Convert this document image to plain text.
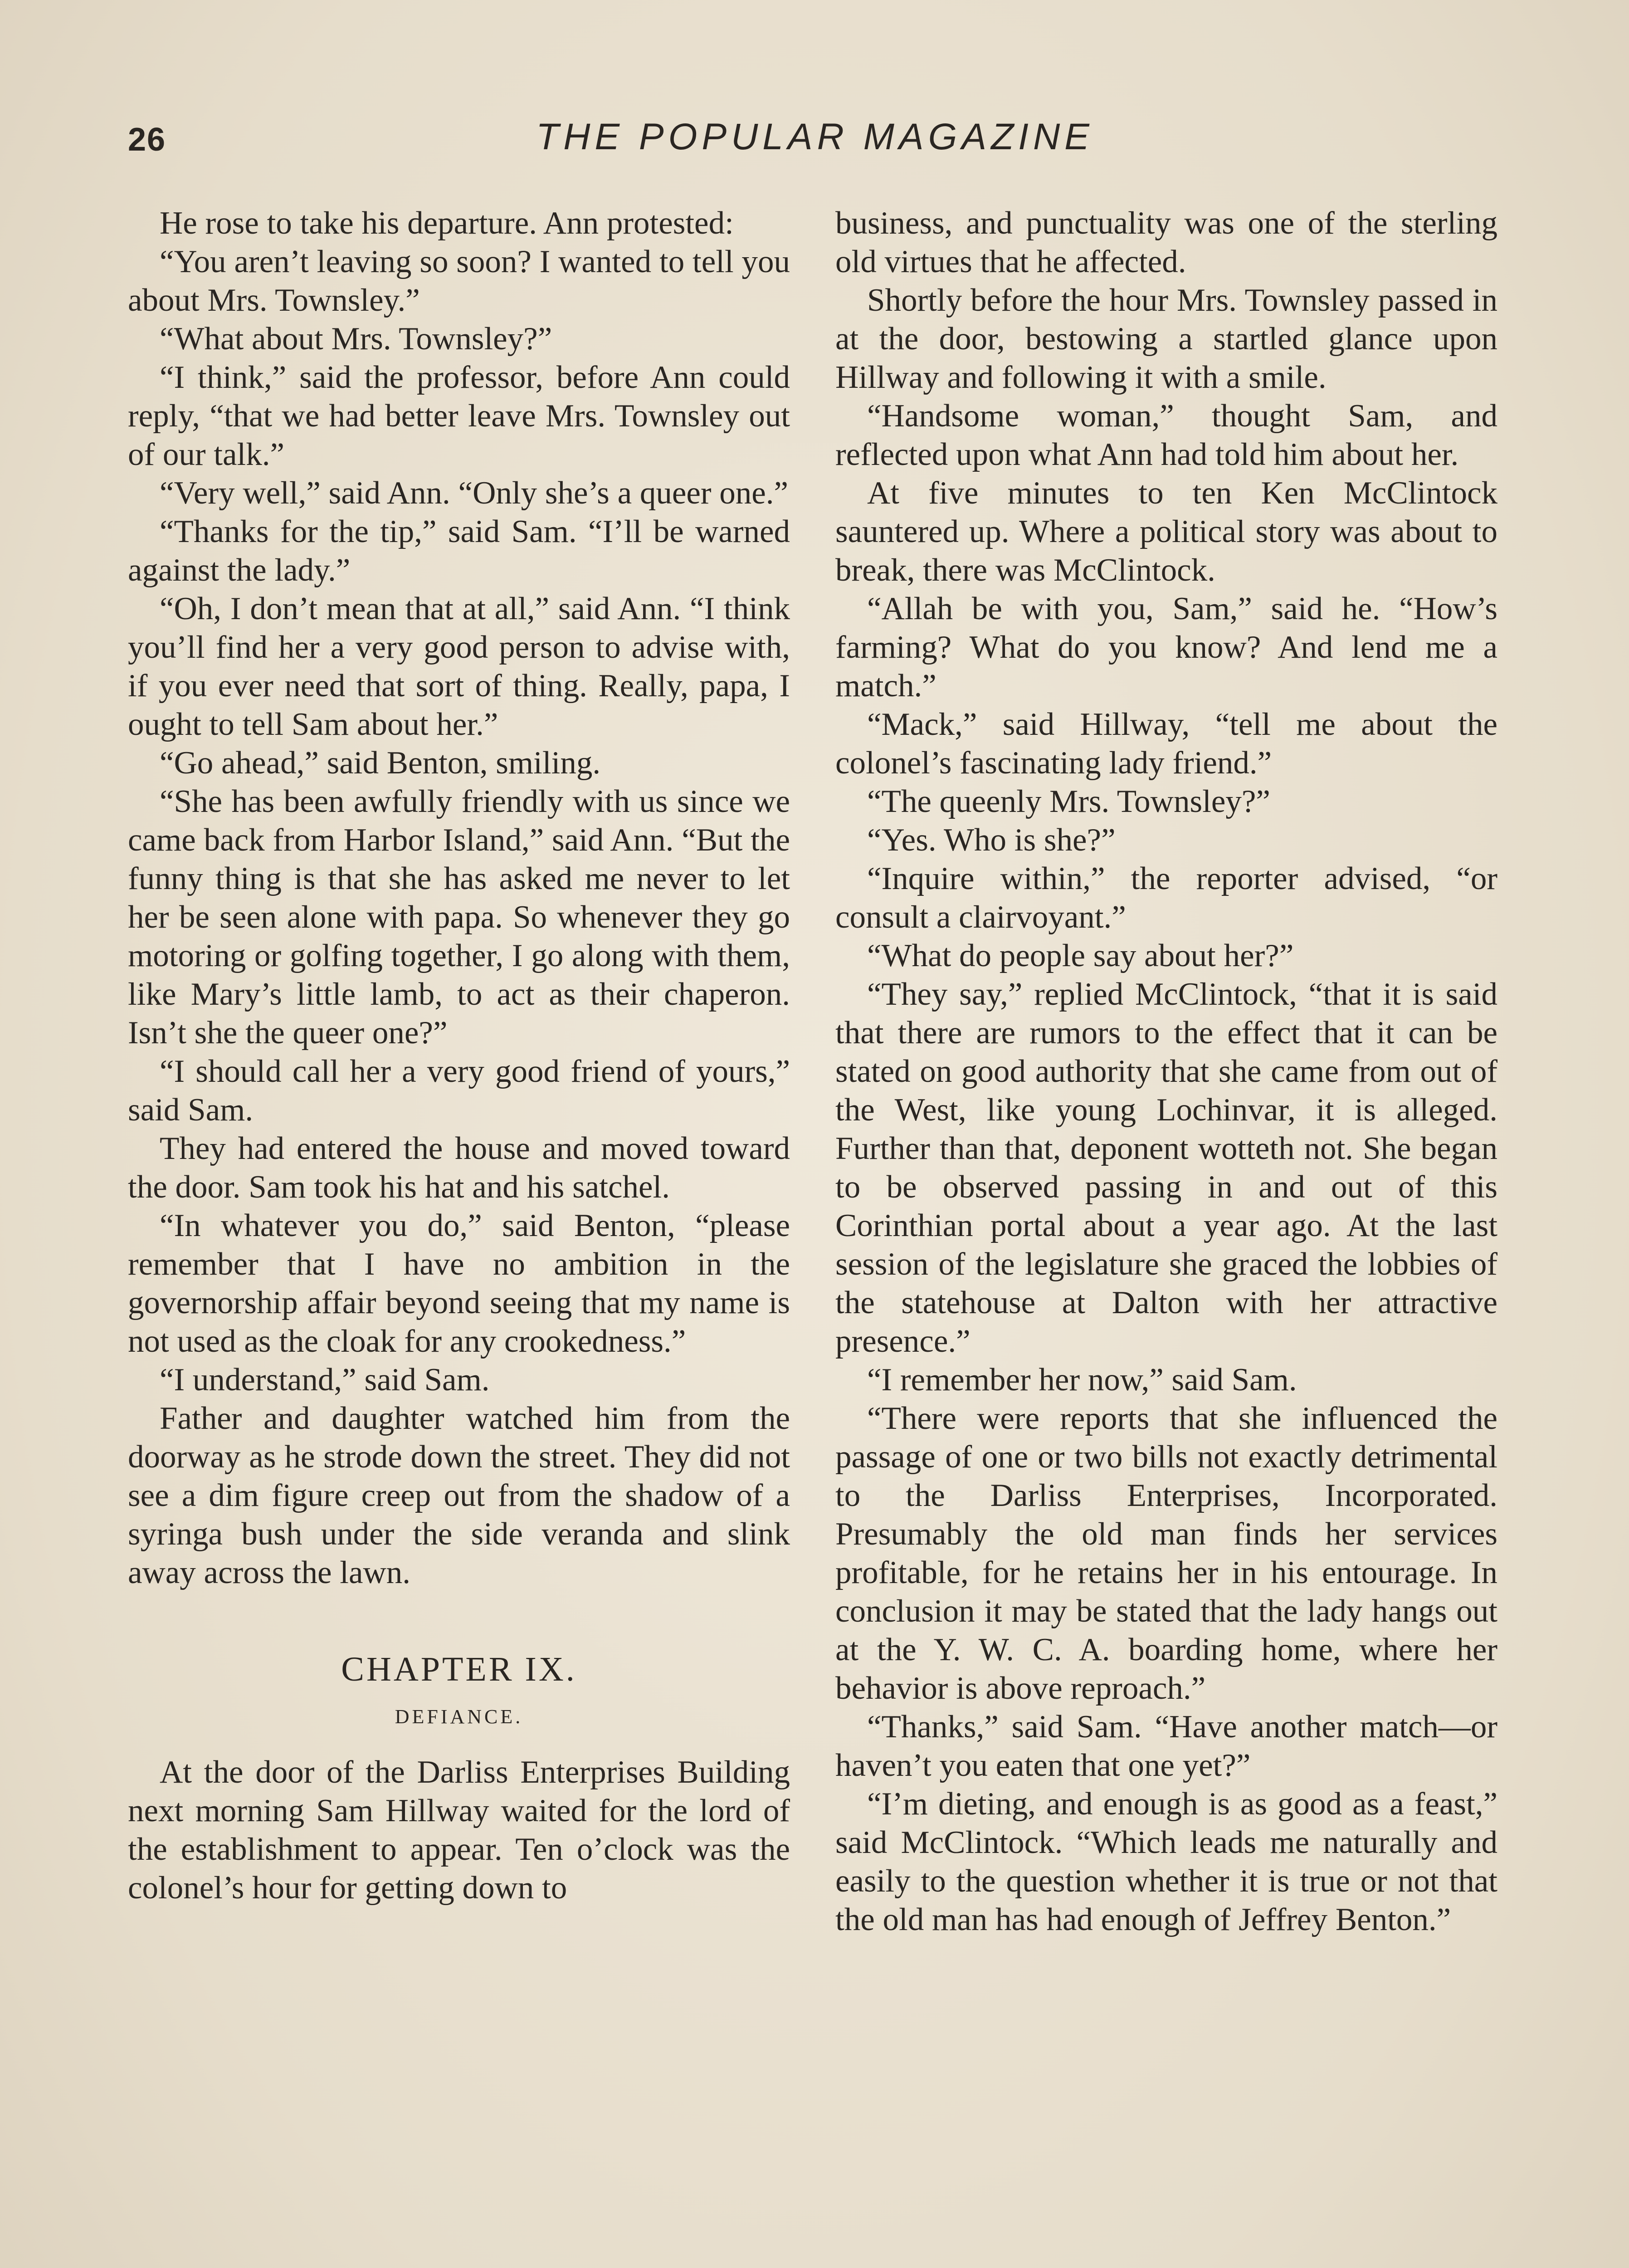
26	THE POPULAR MAGAZINE

He rose to take his departure. Ann protested:

“You aren’t leaving so soon? I wanted to tell you about Mrs. Townsley.”

“What about Mrs. Townsley?”

“I think,” said the professor, before Ann could reply, “that we had better leave Mrs. Townsley out of our talk.”

“Very well,” said Ann. “Only she’s a queer one.”

“Thanks for the tip,” said Sam. “I’ll be warned against the lady.”

“Oh, I don’t mean that at all,” said Ann. “I think you’ll find her a very good person to advise with, if you ever need that sort of thing. Really, papa, I ought to tell Sam about her.”

“Go ahead,” said Benton, smiling.

“She has been awfully friendly with us since we came back from Harbor Island,” said Ann. “But the funny thing is that she has asked me never to let her be seen alone with papa. So whenever they go motoring or golfing together, I go along with them, like Mary’s little lamb, to act as their chaperon. Isn’t she the queer one?”

“I should call her a very good friend of yours,” said Sam.

They had entered the house and moved toward the door. Sam took his hat and his satchel.

“In whatever you do,” said Benton, “please remember that I have no ambition in the governorship affair beyond seeing that my name is not used as the cloak for any crookedness.”

“I understand,” said Sam.

Father and daughter watched him from the doorway as he strode down the street. They did not see a dim figure creep out from the shadow of a syringa bush under the side veranda and slink away across the lawn.

CHAPTER IX.
DEFIANCE.

At the door of the Darliss Enterprises Building next morning Sam Hillway waited for the lord of the establishment to appear. Ten o’clock was the colonel’s hour for getting down to

business, and punctuality was one of the sterling old virtues that he affected.

Shortly before the hour Mrs. Townsley passed in at the door, bestowing a startled glance upon Hillway and following it with a smile.

“Handsome woman,” thought Sam, and reflected upon what Ann had told him about her.

At five minutes to ten Ken McClintock sauntered up. Where a political story was about to break, there was McClintock.

“Allah be with you, Sam,” said he. “How’s farming? What do you know? And lend me a match.”

“Mack,” said Hillway, “tell me about the colonel’s fascinating lady friend.”

“The queenly Mrs. Townsley?”

“Yes. Who is she?”

“Inquire within,” the reporter advised, “or consult a clairvoyant.”

“What do people say about her?”

“They say,” replied McClintock, “that it is said that there are rumors to the effect that it can be stated on good authority that she came from out of the West, like young Lochinvar, it is alleged. Further than that, deponent wotteth not. She began to be observed passing in and out of this Corinthian portal about a year ago. At the last session of the legislature she graced the lobbies of the statehouse at Dalton with her attractive presence.”

“I remember her now,” said Sam.

“There were reports that she influenced the passage of one or two bills not exactly detrimental to the Darliss Enterprises, Incorporated. Presumably the old man finds her services profitable, for he retains her in his entourage. In conclusion it may be stated that the lady hangs out at the Y. W. C. A. boarding home, where her behavior is above reproach.”

“Thanks,” said Sam. “Have another match—or haven’t you eaten that one yet?”

“I’m dieting, and enough is as good as a feast,” said McClintock. “Which leads me naturally and easily to the question whether it is true or not that the old man has had enough of Jeffrey Benton.”
